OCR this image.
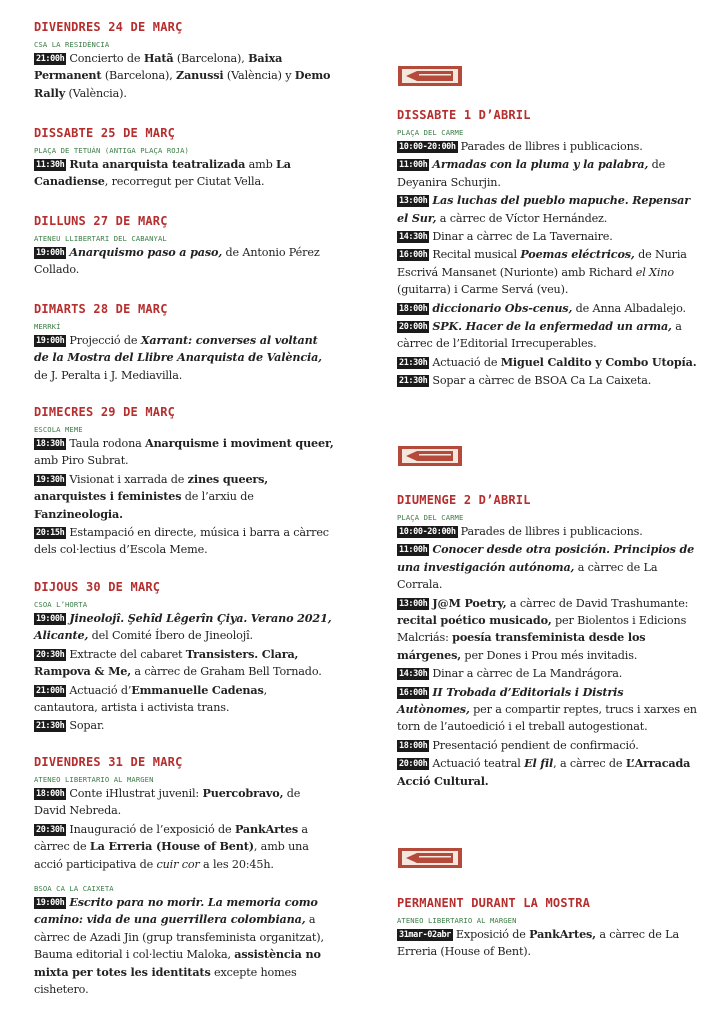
DIVENDRES 24 DE MARÇ
CSA LA RESIDÈNCIA
21:00h Concierto de Hatã (Barcelona), Baixa Permanent (Barcelona), Zanussi (València) y Demo Rally (València).
DISSABTE 25 DE MARÇ
PLAÇA DE TETUÁN (ANTIGA PLAÇA ROJA)
11:30h Ruta anarquista teatralizada amb La Canadiense, recorregut per Ciutat Vella.
DILLUNS 27 DE MARÇ
ATENEU LLIBERTARI DEL CABANYAL
19:00h Anarquismo paso a paso, de Antonio Pérez Collado.
DIMARTS 28 DE MARÇ
MERRKÍ
19:00h Projecció de Xarrant: converses al voltant de la Mostra del Llibre Anarquista de València, de J. Peralta i J. Mediavilla.
DIMECRES 29 DE MARÇ
ESCOLA MEME
18:30h Taula rodona Anarquisme i moviment queer, amb Piro Subrat.
19:30h Visionat i xarrada de zines queers, anarquistes i feministes de l’arxiu de Fanzineologia.
20:15h Estampació en directe, música i barra a càrrec dels col·lectius d’Escola Meme.
DIJOUS 30 DE MARÇ
CSOA L’HORTA
19:00h Jineolojî. Şehîd Lêgerîn Çiya. Verano 2021, Alicante, del Comité Íbero de Jineolojî.
20:30h Extracte del cabaret Transisters. Clara, Rampova & Me, a càrrec de Graham Bell Tornado.
21:00h Actuació d’Emmanuelle Cadenas, cantautora, artista i activista trans.
21:30h Sopar.
DIVENDRES 31 DE MARÇ
ATENEO LIBERTARIO AL MARGEN
18:00h Conte iHlustrat juvenil: Puercobravo, de David Nebreda.
20:30h Inauguració de l’exposició de PankArtes a càrrec de La Erreria (House of Bent), amb una acció participativa de cuir cor a les 20:45h.
BSOA CA LA CAIXETA
19:00h Escrito para no morir. La memoria como camino: vida de una guerrillera colombiana, a càrrec de Azadi Jin (grup transfeminista organitzat), Bauma editorial i col·lectiu Maloka, assistència no mixta per totes les identitats excepte homes cishetero.
DISSABTE 1 D’ABRIL
PLAÇA DEL CARME
10:00-20:00h Parades de llibres i publicacions.
11:00h Armadas con la pluma y la palabra, de Deyanira Schurjin.
13:00h Las luchas del pueblo mapuche. Repensar el Sur, a càrrec de Víctor Hernández.
14:30h Dinar a càrrec de La Tavernaire.
16:00h Recital musical Poemas eléctricos, de Nuria Escrivá Mansanet (Nurionte) amb Richard el Xino (guitarra) i Carme Servá (veu).
18:00h diccionario Obs-cenus, de Anna Albadalejo.
20:00h SPK. Hacer de la enfermedad un arma, a càrrec de l’Editorial Irrecuperables.
21:30h Actuació de Miguel Caldito y Combo Utopía.
21:30h Sopar a càrrec de BSOA Ca La Caixeta.
DIUMENGE 2 D’ABRIL
PLAÇA DEL CARME
10:00-20:00h Parades de llibres i publicacions.
11:00h Conocer desde otra posición. Principios de una investigación autónoma, a càrrec de La Corrala.
13:00h J@M Poetry, a càrrec de David Trashumante: recital poético musicado, per Biolentos i Edicions Malcriás: poesía transfeminista desde los márgenes, per Dones i Prou més invitadis.
14:30h Dinar a càrrec de La Mandrágora.
16:00h II Trobada d’Editorials i Distris Autònomes, per a compartir reptes, trucs i xarxes en torn de l’autoedició i el treball autogestionat.
18:00h Presentació pendient de confirmació.
20:00h Actuació teatral El fil, a càrrec de L’Arracada Acció Cultural.
PERMANENT DURANT LA MOSTRA
ATENEO LIBERTARIO AL MARGEN
31mar-02abr Exposició de PankArtes, a càrrec de La Erreria (House of Bent).
